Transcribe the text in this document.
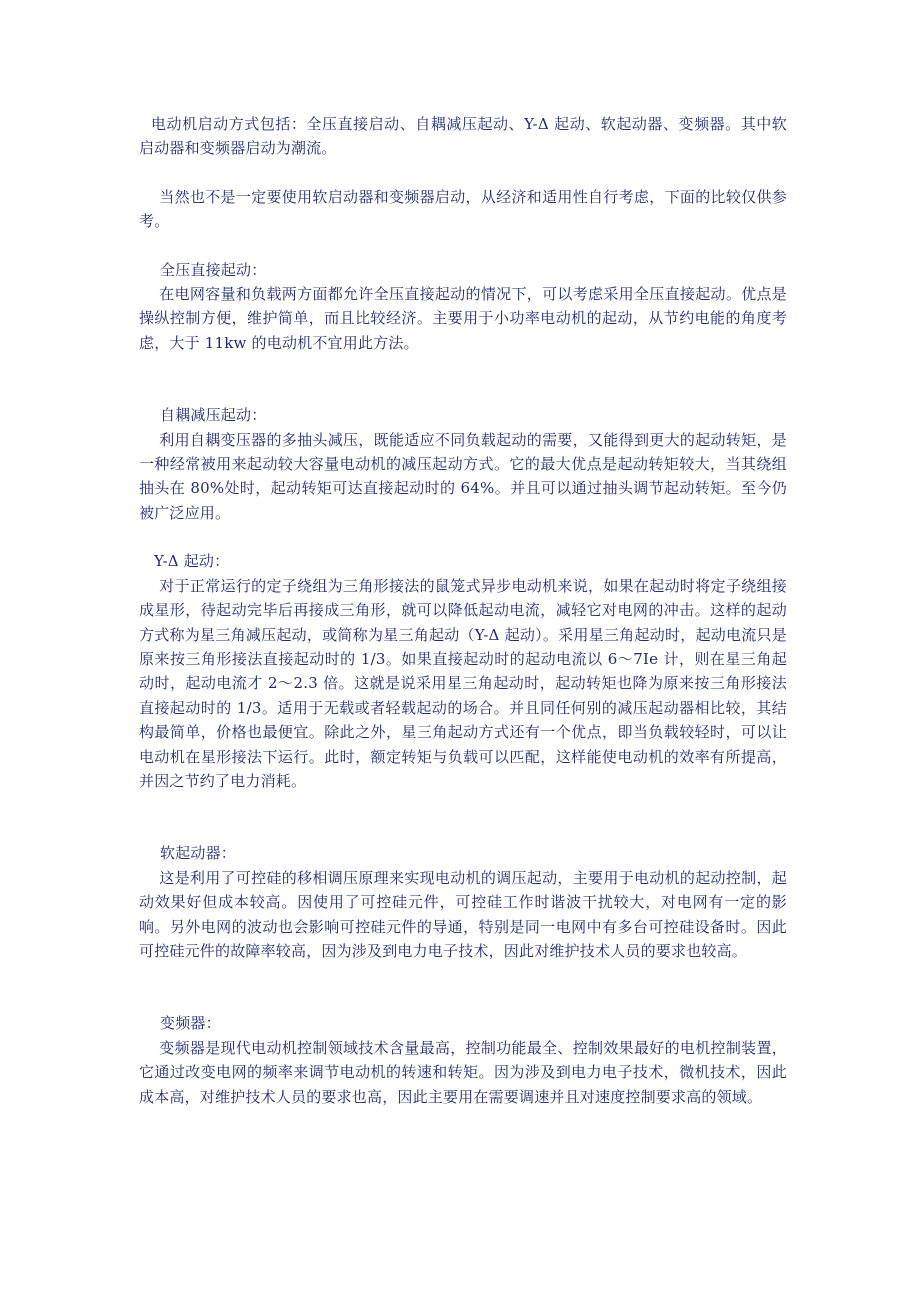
电动机启动方式包括：全压直接启动、自耦减压起动、Y-Δ 起动、软起动器、变频器。其中软启动器和变频器启动为潮流。

当然也不是一定要使用软启动器和变频器启动，从经济和适用性自行考虑，下面的比较仅供参考。

全压直接起动：

在电网容量和负载两方面都允许全压直接起动的情况下，可以考虑采用全压直接起动。优点是操纵控制方便，维护简单，而且比较经济。主要用于小功率电动机的起动，从节约电能的角度考虑，大于 11kw 的电动机不宜用此方法。

自耦减压起动：

利用自耦变压器的多抽头减压，既能适应不同负载起动的需要，又能得到更大的起动转矩，是一种经常被用来起动较大容量电动机的减压起动方式。它的最大优点是起动转矩较大，当其绕组抽头在 80%处时，起动转矩可达直接起动时的 64%。并且可以通过抽头调节起动转矩。至今仍被广泛应用。

Y-Δ 起动：

对于正常运行的定子绕组为三角形接法的鼠笼式异步电动机来说，如果在起动时将定子绕组接成星形，待起动完毕后再接成三角形，就可以降低起动电流，减轻它对电网的冲击。这样的起动方式称为星三角减压起动，或简称为星三角起动（Y-Δ 起动）。采用星三角起动时，起动电流只是原来按三角形接法直接起动时的 1/3。如果直接起动时的起动电流以 6～7Ie 计，则在星三角起动时，起动电流才 2～2.3 倍。这就是说采用星三角起动时，起动转矩也降为原来按三角形接法直接起动时的 1/3。适用于无载或者轻载起动的场合。并且同任何别的减压起动器相比较，其结构最简单，价格也最便宜。除此之外，星三角起动方式还有一个优点，即当负载较轻时，可以让电动机在星形接法下运行。此时，额定转矩与负载可以匹配，这样能使电动机的效率有所提高，并因之节约了电力消耗。

软起动器：

这是利用了可控硅的移相调压原理来实现电动机的调压起动，主要用于电动机的起动控制，起动效果好但成本较高。因使用了可控硅元件，可控硅工作时谐波干扰较大，对电网有一定的影响。另外电网的波动也会影响可控硅元件的导通，特别是同一电网中有多台可控硅设备时。因此可控硅元件的故障率较高，因为涉及到电力电子技术，因此对维护技术人员的要求也较高。

变频器：

变频器是现代电动机控制领域技术含量最高，控制功能最全、控制效果最好的电机控制装置，它通过改变电网的频率来调节电动机的转速和转矩。因为涉及到电力电子技术，微机技术，因此成本高，对维护技术人员的要求也高，因此主要用在需要调速并且对速度控制要求高的领域。
